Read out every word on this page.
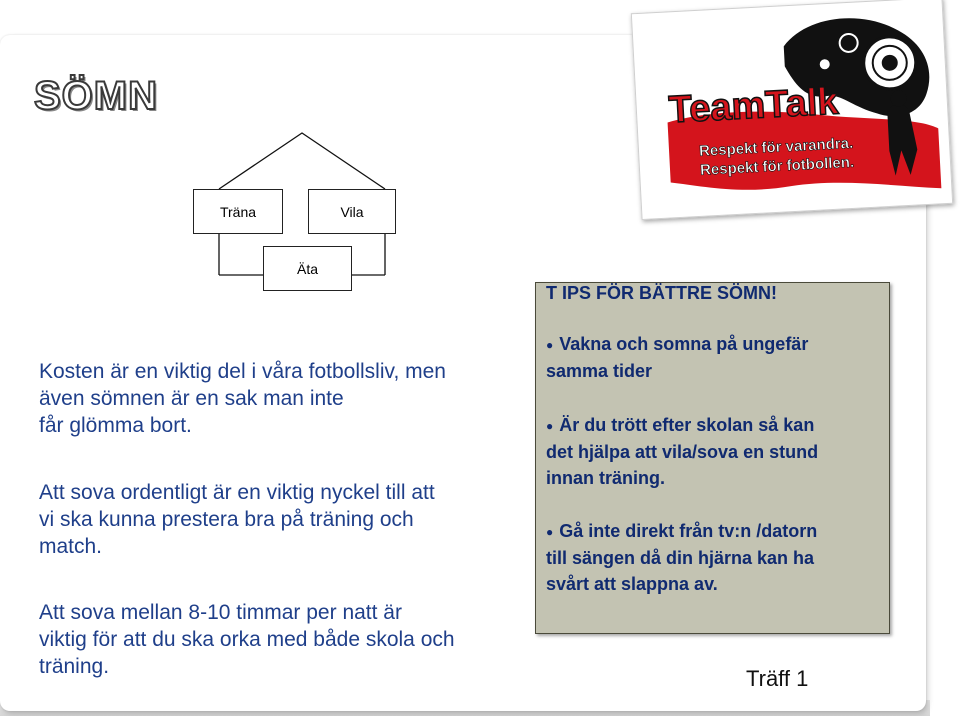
SÖMN
Träna	Vila
Äta

Kosten är en viktig del i våra fotbollsliv, men

även sömnen är en sak man inte

får glömma bort.

Att sova ordentligt är en viktig nyckel till att

vi ska kunna prestera bra på träning och

match.

Att sova mellan 8-10 timmar per natt är

viktig för att du ska orka med både skola och

träning.

T IPS FÖR BÄTTRE SÖMN!
● Vakna och somna på ungefär
samma tider
● Är du trött efter skolan så kan
det hjälpa att vila/sova en stund
innan träning.
● Gå inte direkt från tv:n /datorn
till sängen då din hjärna kan ha
svårt att slappna av.
Träff 1
TeamTalk
Respekt för varandra.
Respekt för fotbollen.
